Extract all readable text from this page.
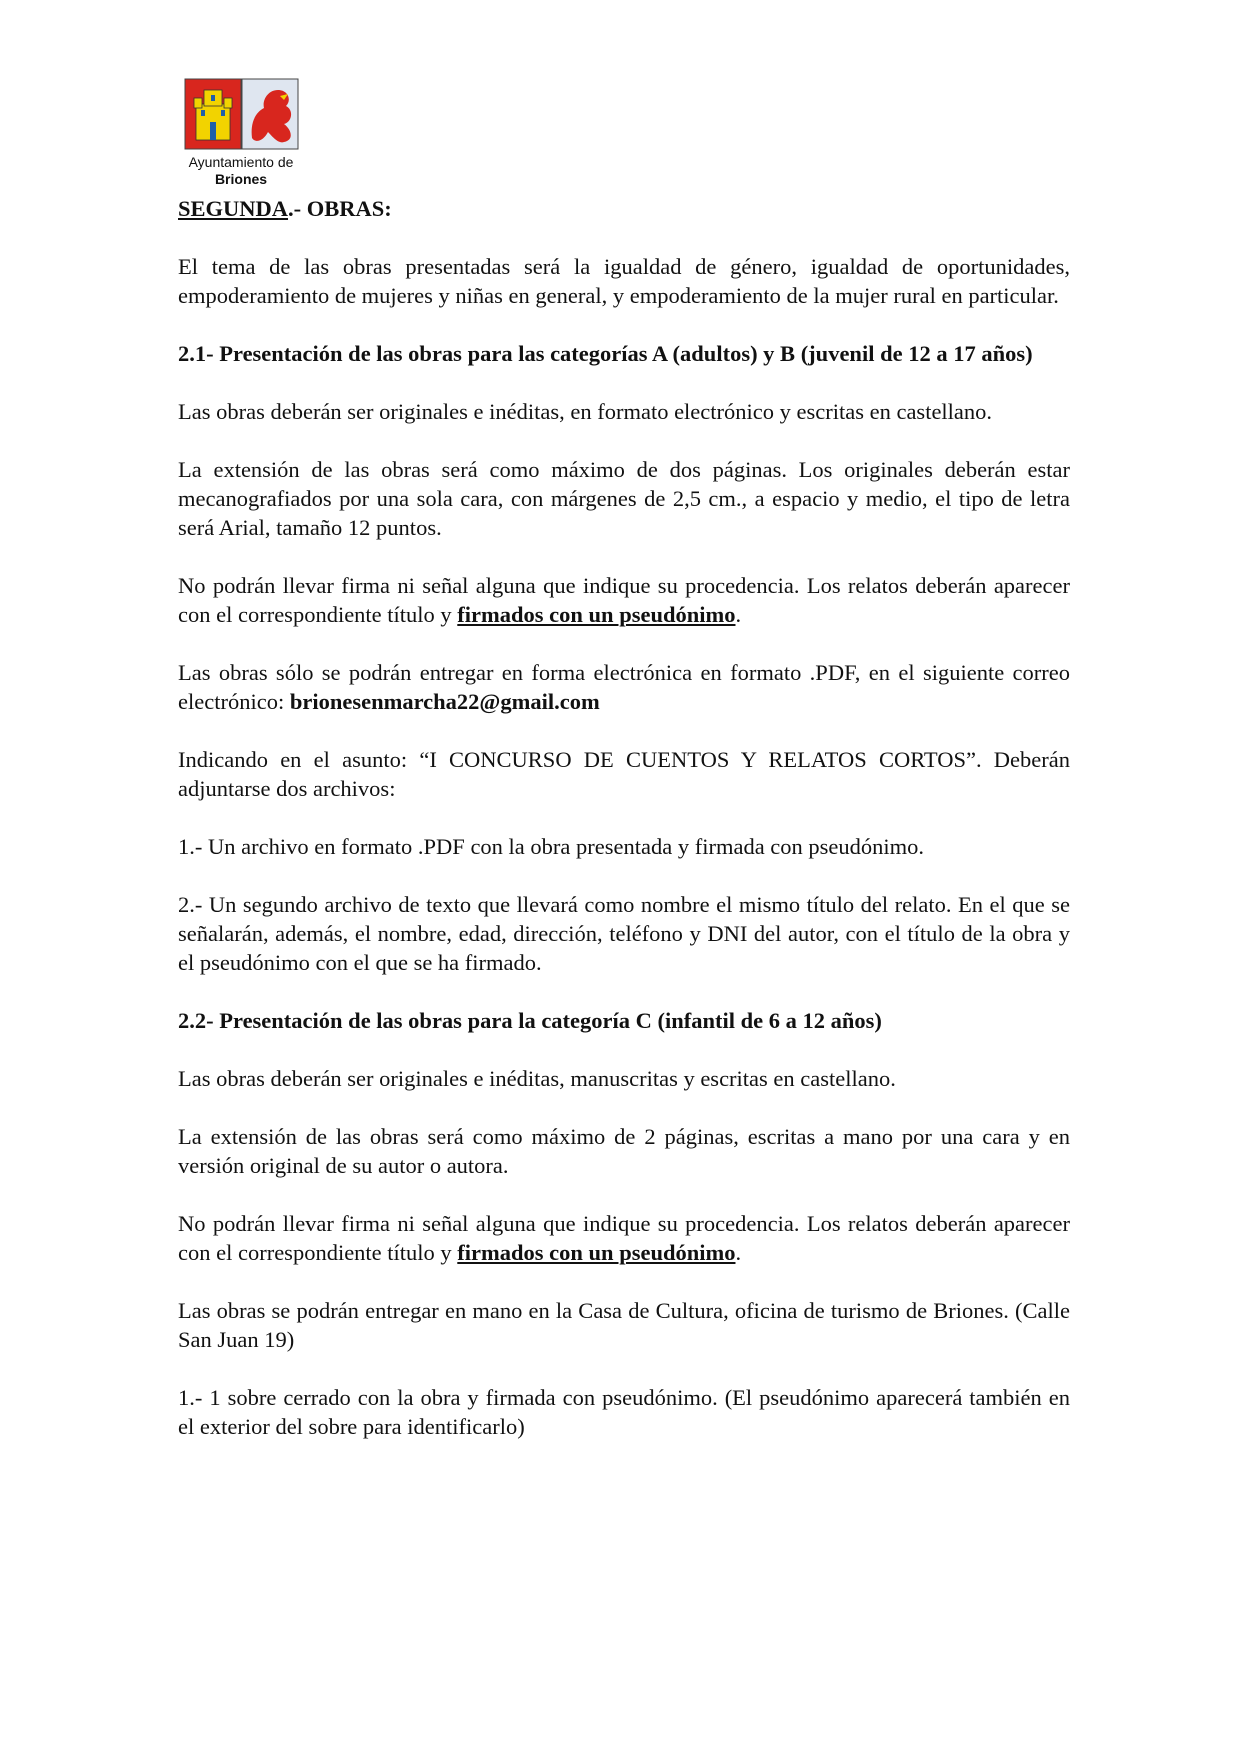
Ayuntamiento de
Briones
SEGUNDA.- OBRAS:

El tema de las obras presentadas será la igualdad de género, igualdad de oportunidades, empoderamiento de mujeres y niñas en general, y empoderamiento de la mujer rural en particular.

2.1- Presentación de las obras para las categorías A (adultos) y B (juvenil de 12 a 17 años)

Las obras deberán ser originales e inéditas, en formato electrónico y escritas en castellano.

La extensión de las obras será como máximo de dos páginas. Los originales deberán estar mecanografiados por una sola cara, con márgenes de 2,5 cm., a espacio y medio, el tipo de letra será Arial, tamaño 12 puntos.

No podrán llevar firma ni señal alguna que indique su procedencia. Los relatos deberán aparecer con el correspondiente título y firmados con un pseudónimo.

Las obras sólo se podrán entregar en forma electrónica en formato .PDF, en el siguiente correo electrónico: brionesenmarcha22@gmail.com

Indicando en el asunto: “I CONCURSO DE CUENTOS Y RELATOS CORTOS”. Deberán adjuntarse dos archivos:

1.- Un archivo en formato .PDF con la obra presentada y firmada con pseudónimo.

2.- Un segundo archivo de texto que llevará como nombre el mismo título del relato. En el que se señalarán, además, el nombre, edad, dirección, teléfono y DNI del autor, con el título de la obra y el pseudónimo con el que se ha firmado.

2.2- Presentación de las obras para la categoría C (infantil de 6 a 12 años)

Las obras deberán ser originales e inéditas, manuscritas y escritas en castellano.

La extensión de las obras será como máximo de 2 páginas, escritas a mano por una cara y en versión original de su autor o autora.

No podrán llevar firma ni señal alguna que indique su procedencia. Los relatos deberán aparecer con el correspondiente título y firmados con un pseudónimo.

Las obras se podrán entregar en mano en la Casa de Cultura, oficina de turismo de Briones. (Calle San Juan 19)

1.- 1 sobre cerrado con la obra y firmada con pseudónimo. (El pseudónimo aparecerá también en el exterior del sobre para identificarlo)
